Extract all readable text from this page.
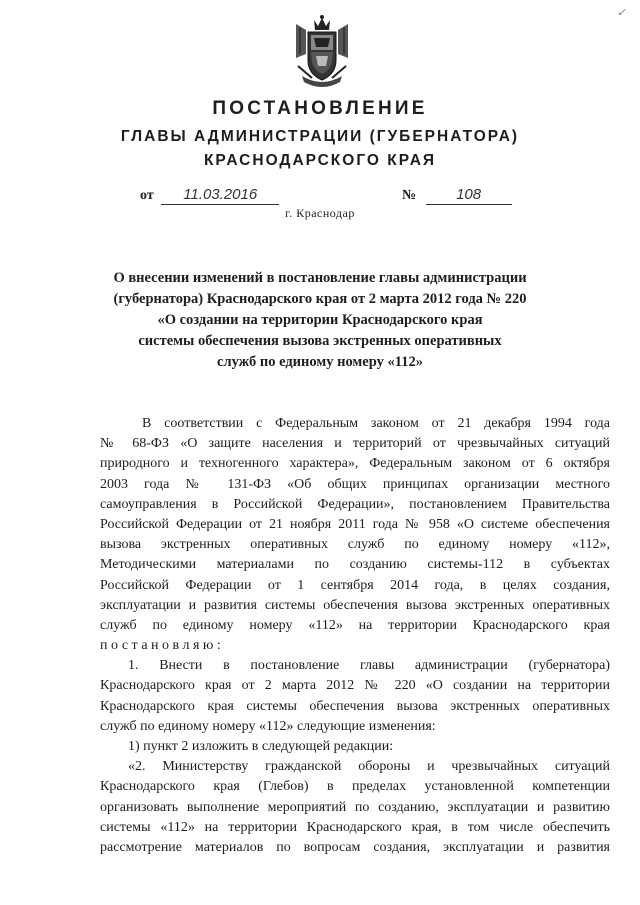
✓
ПОСТАНОВЛЕНИЕ
ГЛАВЫ АДМИНИСТРАЦИИ (ГУБЕРНАТОРА)
КРАСНОДАРСКОГО КРАЯ
от 11.03.2016	№	108
г. Краснодар
О внесении изменений в постановление главы администрации
(губернатора) Краснодарского края от 2 марта 2012 года № 220
«О создании на территории Краснодарского края
системы обеспечения вызова экстренных оперативных
служб по единому номеру «112»
В соответствии с Федеральным законом от 21 декабря 1994 года
№ 68-ФЗ «О защите населения и территорий от чрезвычайных ситуаций
природного и техногенного характера», Федеральным законом от 6 октября
2003 года № 131-ФЗ «Об общих принципах организации местного
самоуправления в Российской Федерации», постановлением Правительства
Российской Федерации от 21 ноября 2011 года № 958 «О системе обеспечения
вызова экстренных оперативных служб по единому номеру «112»,
Методическими материалами по созданию системы-112 в субъектах
Российской Федерации от 1 сентября 2014 года, в целях создания,
эксплуатации и развития системы обеспечения вызова экстренных оперативных
служб по единому номеру «112» на территории Краснодарского края
постановляю:
1. Внести в постановление главы администрации (губернатора)
Краснодарского края от 2 марта 2012 № 220 «О создании на территории
Краснодарского края системы обеспечения вызова экстренных оперативных
служб по единому номеру «112» следующие изменения:
1) пункт 2 изложить в следующей редакции:
«2. Министерству гражданской обороны и чрезвычайных ситуаций
Краснодарского края (Глебов) в пределах установленной компетенции
организовать выполнение мероприятий по созданию, эксплуатации и развитию
системы «112» на территории Краснодарского края, в том числе обеспечить
рассмотрение материалов по вопросам создания, эксплуатации и развития
